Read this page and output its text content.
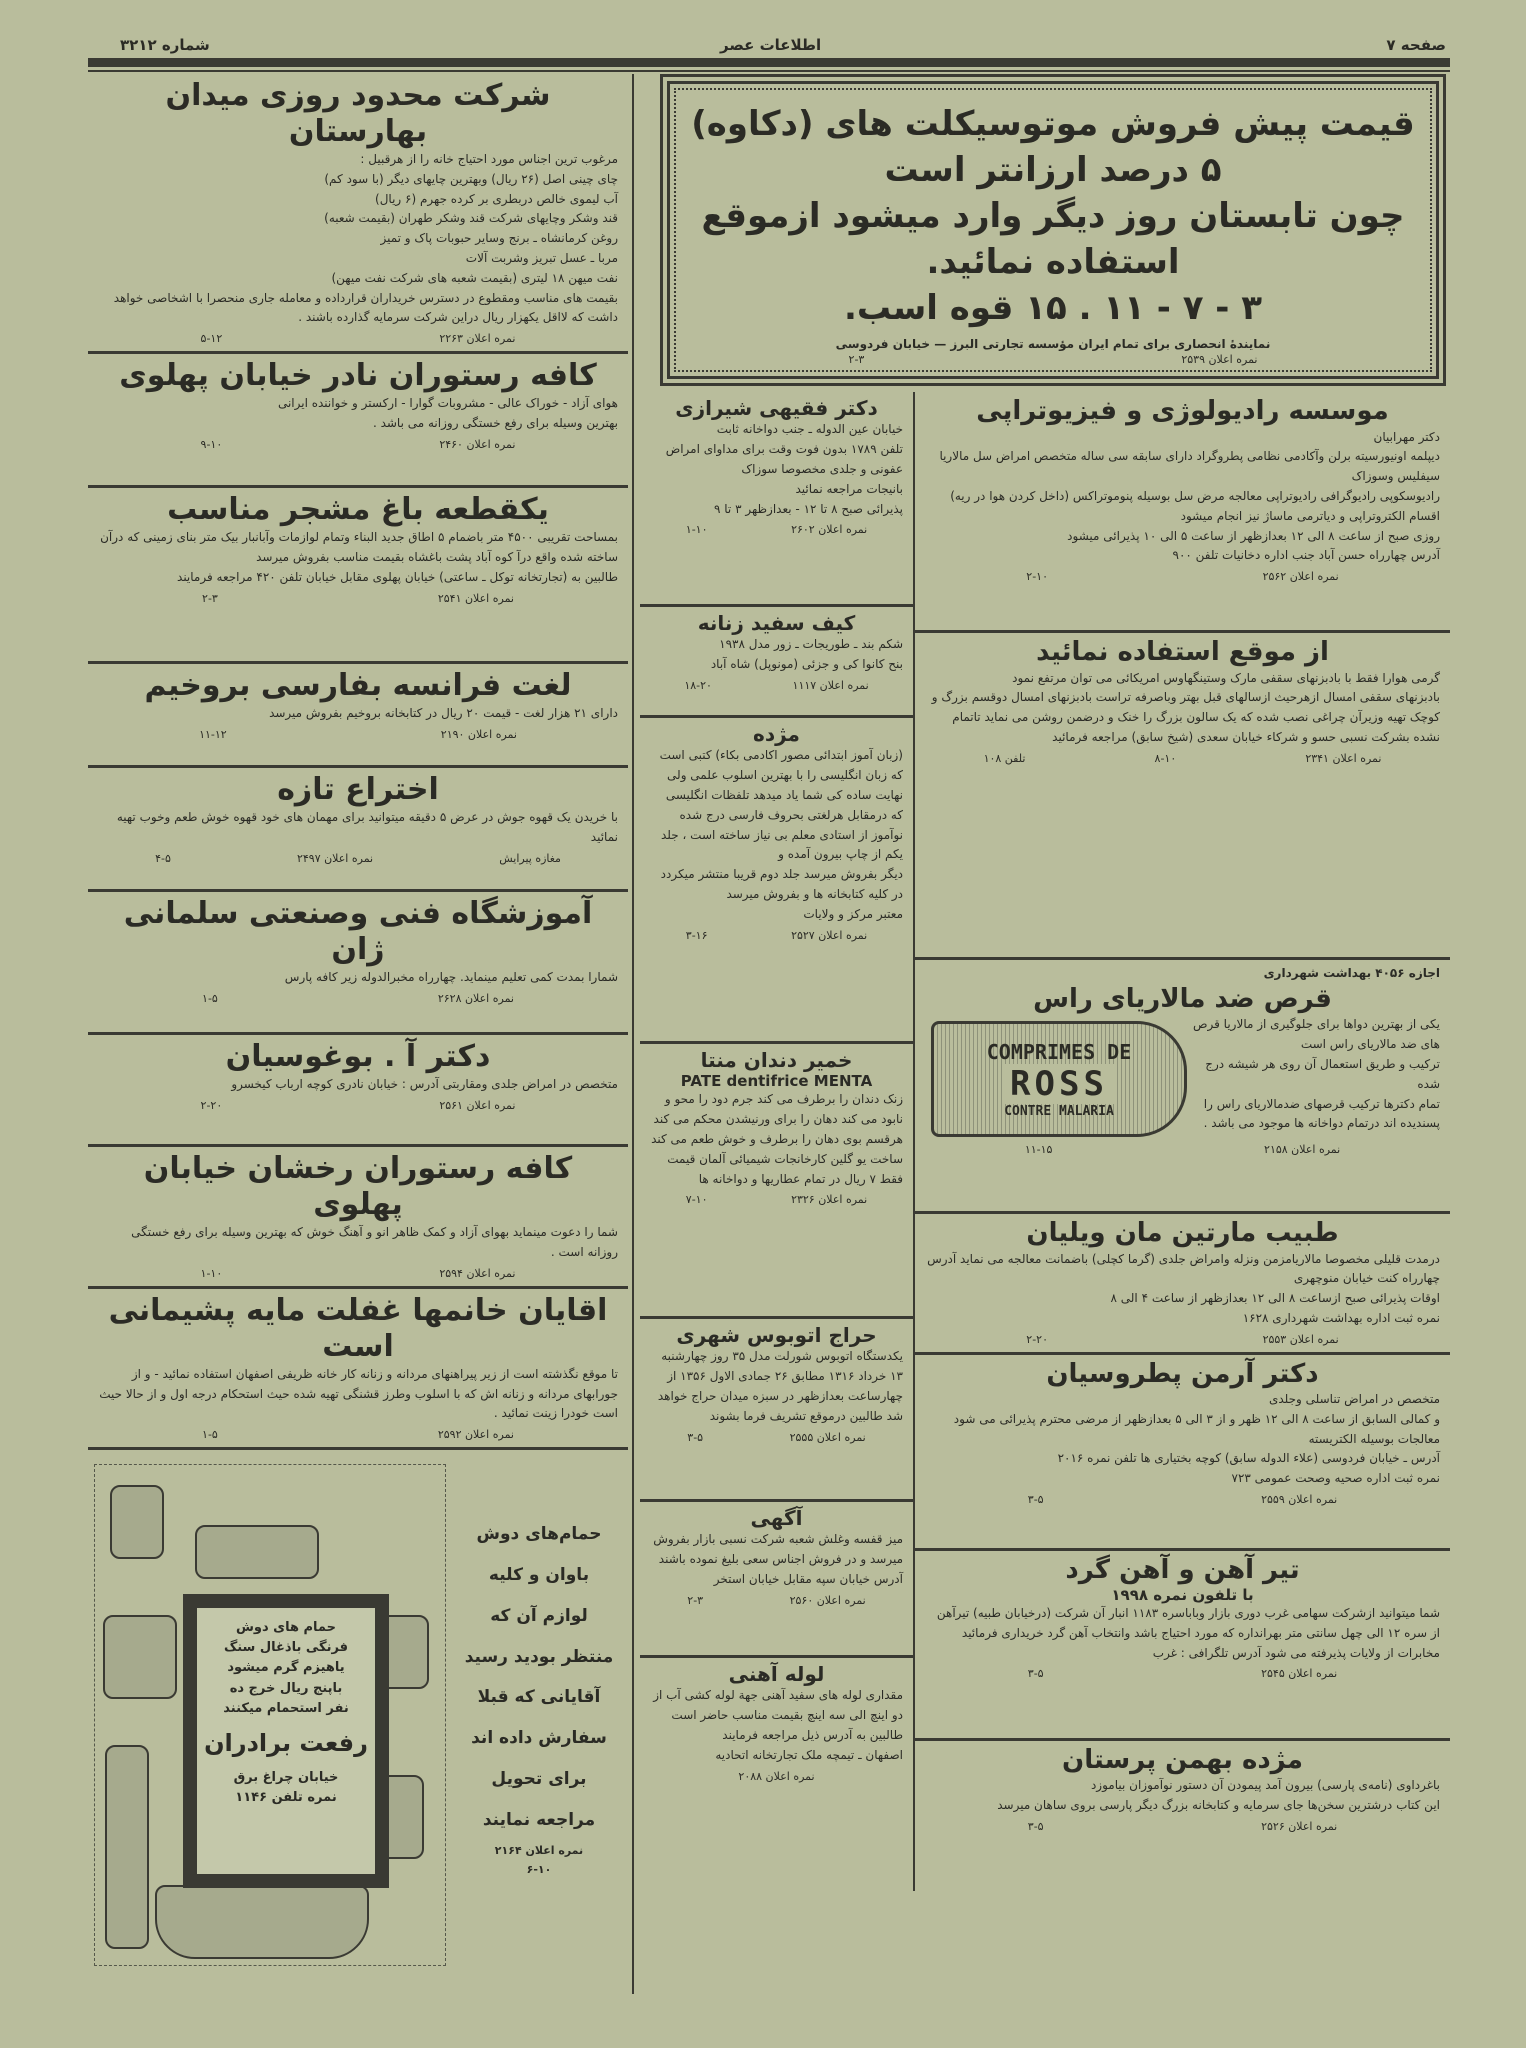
صفحه ۷
اطلاعات عصر
شماره ۳۲۱۲
شرکت محدود روزی میدان بهارستان
مرغوب ترین اجناس مورد احتیاج خانه را از هرقبیل :
چای چینی اصل (۲۶ ریال) وبهترین چایهای دیگر (با سود کم)
آب لیموی خالص دربطری بر کرده جهرم (۶ ریال)
قند وشکر وچایهای شرکت قند وشکر طهران (بقیمت شعبه)
روغن کرمانشاه ـ برنج وسایر حبوبات پاک و تمیز
مربا ـ عسل تبریز وشربت آلات
نفت میهن ۱۸ لیتری (بقیمت شعبه های شرکت نفت میهن)
بقیمت های مناسب ومقطوع در دسترس خریداران قرارداده و معامله جاری منحصرا با اشخاصی خواهد داشت که لااقل یکهزار ریال دراین شرکت سرمایه گذارده باشند .
نمره اعلان ۲۲۶۳
۵-۱۲
کافه رستوران نادر خیابان پهلوی
هوای آزاد - خوراک عالی - مشروبات گوارا - ارکستر و خواننده ایرانی
بهترین وسیله برای رفع خستگی روزانه می باشد .
نمره اعلان ۲۴۶۰
۹-۱۰
یکقطعه باغ مشجر مناسب
بمساحت تقریبی ۴۵۰۰ متر باضمام ۵ اطاق جدید البناء وتمام لوازمات وآبانبار بیک متر بنای زمینی که درآن ساخته شده واقع درآ کوه آباد پشت باغشاه بقیمت مناسب بفروش میرسد
طالبین به (تجارتخانه توکل ـ ساعتی) خیابان پهلوی مقابل خیابان تلفن ۴۲۰ مراجعه فرمایند
نمره اعلان ۲۵۴۱
۲-۳
لغت فرانسه بفارسی بروخیم
دارای ۲۱ هزار لغت - قیمت ۲۰ ریال در کتابخانه بروخیم بفروش میرسد
نمره اعلان ۲۱۹۰
۱۱-۱۲
اختراع تازه
با خریدن یک قهوه جوش در عرض ۵ دقیقه میتوانید برای مهمان های خود قهوه خوش طعم وخوب تهیه نمائید
مغازه پیرایش
نمره اعلان ۲۴۹۷
۴-۵
آموزشگاه فنی وصنعتی سلمانی ژان
شمارا بمدت کمی تعلیم مینماید. چهارراه مخبرالدوله زیر کافه پارس
نمره اعلان ۲۶۲۸
۱-۵
دکتر آ . بوغوسیان
متخصص در امراض جلدی ومقاربتی آدرس : خیابان نادری کوچه ارباب کیخسرو
نمره اعلان ۲۵۶۱
۲-۲۰
کافه رستوران رخشان خیابان پهلوی
شما را دعوت مینماید بهوای آزاد و کمک ظاهر انو و آهنگ خوش که بهترین وسیله برای رفع خستگی روزانه است .
نمره اعلان ۲۵۹۴
۱-۱۰
اقایان خانمها غفلت مایه پشیمانی است
تا موقع نگذشته است از زیر پیراهنهای مردانه و زنانه کار خانه ظریفی اصفهان استفاده نمائید - و از جورابهای مردانه و زنانه اش که با اسلوب وطرز قشنگی تهیه شده حیث استحکام درجه اول و از حالا حیث است خودرا زینت نمائید .
نمره اعلان ۲۵۹۲
۱-۵
حمام های دوش
فرنگی باذغال سنگ
یاهیزم گرم میشود
باپنج ریال خرج ده
نفر استحمام میکنند
رفعت برادران
خیابان چراغ برق
نمره تلفن ۱۱۴۶
حمام‌های دوش
باوان و کلیه
لوازم آن که
منتظر بودید رسید
آقایانی که قبلا
سفارش داده اند
برای تحویل
مراجعه نمایند
نمره اعلان ۲۱۶۴
۶-۱۰
قیمت پیش فروش موتوسیکلت های (دکاوه)
۵ درصد ارزانتر است
چون تابستان روز دیگر وارد میشود ازموقع
استفاده نمائید.
۳ - ۷ - ۱۱ . ۱۵ قوه اسب.
نمایندهٔ انحصاری برای تمام ایران مؤسسه تجارتی البرز — خیابان فردوسی
نمره اعلان ۲۵۳۹
۲-۳
دکتر فقیهی شیرازی
خیابان عین الدوله ـ جنب دواخانه ثابت
تلفن ۱۷۸۹ بدون فوت وقت برای مداوای امراض عفونی و جلدی مخصوصا سوزاک
بانیجات مراجعه نمائید
پذیرائی صبح ۸ تا ۱۲ - بعدازظهر ۳ تا ۹
نمره اعلان ۲۶۰۲
۱-۱۰
کیف سفید زنانه
شکم بند ـ طوریجات ـ زور مدل ۱۹۳۸
بنح کانوا کی و جزئی (مونوپل) شاه آباد
نمره اعلان ۱۱۱۷
۱۸-۲۰
مژده
(زبان آموز ابتدائی مصور اکادمی بکاء) کتبی است که زبان انگلیسی را با بهترین اسلوب علمی ولی نهایت ساده کی شما یاد میدهد تلفظات انگلیسی که درمقابل هرلغتی بحروف فارسی درج شده نوآموز از استادی معلم بی نیاز ساخته است ، جلد یکم از چاپ بیرون آمده و
دیگر بفروش میرسد جلد دوم قریبا منتشر میکردد در کلیه کتابخانه ها و بفروش میرسد
معتبر مرکز و ولایات
نمره اعلان ۲۵۲۷
۳-۱۶
خمیر دندان منتا
PATE dentifrice MENTA
زنک دندان را برطرف می کند جرم دود را محو و نابود می کند دهان را برای ورنیشدن محکم می کند هرقسم بوی دهان را برطرف و خوش طعم می کند ساخت یو گلین کارخانجات شیمیائی آلمان قیمت فقط ۷ ریال در تمام عطاریها و دواخانه ها
نمره اعلان ۲۳۲۶
۷-۱۰
حراج اتوبوس شهری
یکدستگاه اتوبوس شورلت مدل ۳۵ روز چهارشنبه ۱۳ خرداد ۱۳۱۶ مطابق ۲۶ جمادی الاول ۱۳۵۶ از چهارساعت بعدازظهر در سبزه میدان حراج خواهد شد طالبین درموقع تشریف فرما بشوند
نمره اعلان ۲۵۵۵
۳-۵
آگهی
میز قفسه وغلش شعبه شرکت نسبی بازار بفروش میرسد و در فروش اجناس سعی بلیغ نموده باشند آدرس خیابان سپه مقابل خیابان استخر
نمره اعلان ۲۵۶۰
۲-۳
لوله آهنی
مقداری لوله های سفید آهنی جهة لوله کشی آب از دو اینچ الی سه اینچ بقیمت مناسب حاضر است طالبین به آدرس ذیل مراجعه فرمایند
اصفهان ـ تیمچه ملک تجارتخانه اتحادیه
نمره اعلان ۲۰۸۸
موسسه رادیولوژی و فیزیوتراپی
دکتر مهرابیان
دیپلمه اونیورسیته برلن وآکادمی نظامی پطروگراد دارای سابقه سی ساله متخصص امراض سل مالاریا سیفلیس وسوزاک
رادیوسکوپی رادیوگرافی رادیوتراپی معالجه مرض سل بوسیله پنوموتراکس (داخل کردن هوا در ریه) اقسام الکتروتراپی و دیاترمی ماساژ نیز انجام میشود
روزی صبح از ساعت ۸ الی ۱۲ بعدازظهر از ساعت ۵ الی ۱۰ پذیرائی میشود
آدرس چهارراه حسن آباد جنب اداره دخانیات تلفن ۹۰۰
نمره اعلان ۲۵۶۲
۲-۱۰
از موقع استفاده نمائید
گرمی هوارا فقط با بادبزنهای سقفی مارک وستینگهاوس امریکائی می توان مرتفع نمود
بادبزنهای سقفی امسال ازهرحیث ازسالهای قبل بهتر وباصرفه تراست بادبزنهای امسال دوقسم بزرگ و کوچک تهیه وزیرآن چراغی نصب شده که یک سالون بزرگ را خنک و درضمن روشن می نماید تاتمام نشده بشرکت نسبی حسو و شرکاء خیابان سعدی (شیخ سابق) مراجعه فرمائید
نمره اعلان ۲۳۴۱
۸-۱۰
تلفن ۱۰۸
اجازه ۴۰۵۶ بهداشت شهرداری
قرص ضد مالاریای راس
COMPRIMES DE
ROSS
CONTRE MALARIA
یکی از بهترین دواها برای جلوگیری از مالاریا قرص های ضد مالاریای راس است
ترکیب و طریق استعمال آن روی هر شیشه درج شده
تمام دکترها ترکیب قرصهای ضدمالاریای راس را پسندیده اند درتمام دواخانه ها موجود می باشد .
نمره اعلان ۲۱۵۸
۱۱-۱۵
طبیب مارتین مان ویلیان
درمدت قلیلی مخصوصا مالاریامزمن ونزله وامراض جلدی (گرما کچلی) باضمانت معالجه می نماید آدرس چهارراه کنت خیابان منوچهری
اوقات پذیرائی صبح ازساعت ۸ الی ۱۲ بعدازظهر از ساعت ۴ الی ۸
نمره ثبت اداره بهداشت شهرداری ۱۶۲۸
نمره اعلان ۲۵۵۳
۲-۲۰
دکتر آرمن پطروسیان
متخصص در امراض تناسلی وجلدی
و کمالی السابق از ساعت ۸ الی ۱۲ ظهر و از ۳ الی ۵ بعدازظهر از مرضی محترم پذیرائی می شود
معالجات بوسیله الکتریسته
آدرس ـ خیابان فردوسی (علاء الدوله سابق) کوچه بختیاری ها تلفن نمره ۲۰۱۶
نمره ثبت اداره صحیه وصحت عمومی ۷۲۳
نمره اعلان ۲۵۵۹
۳-۵
تیر آهن و آهن گرد
با تلفون نمره ۱۹۹۸
شما میتوانید ازشرکت سهامی غرب دوری بازار وباباسره ۱۱۸۳ انبار آن شرکت (درخیابان طبیه) تیرآهن از سره ۱۲ الی چهل سانتی متر بهرانداره که مورد احتیاج باشد وانتخاب آهن گرد خریداری فرمائید
مخابرات از ولایات پذیرفته می شود آدرس تلگرافی : غرب
نمره اعلان ۲۵۴۵
۳-۵
مژده بهمن پرستان
باغرداوی (نامه‌ی پارسی) بیرون آمد پیمودن آن دستور نوآموزان بیاموزد
این کتاب درشترین سخن‌ها جای سرمایه و کتابخانه بزرگ دیگر پارسی بروی ساهان میرسد
نمره اعلان ۲۵۲۶
۳-۵
